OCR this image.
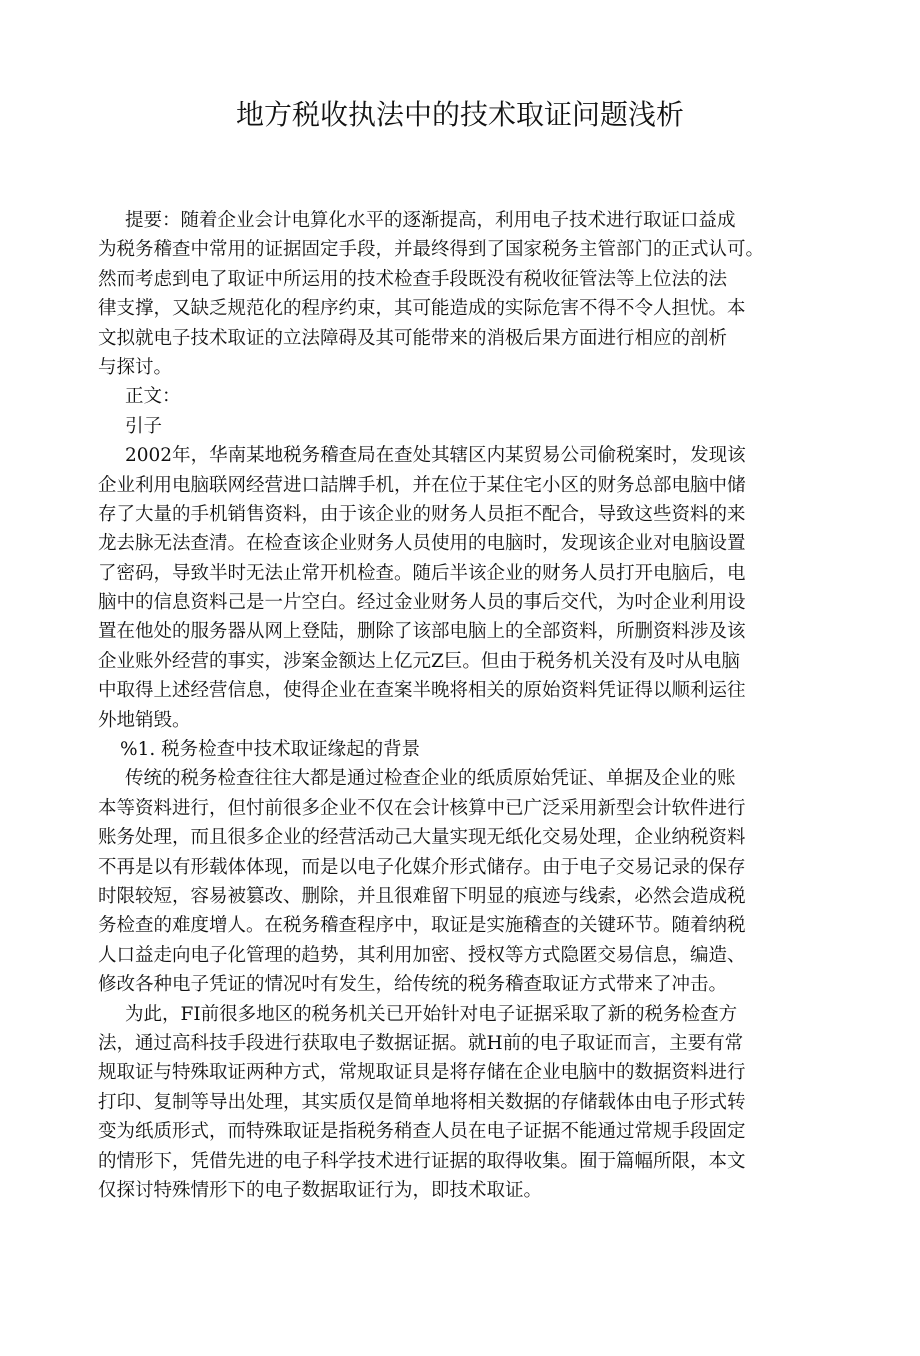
地方税收执法中的技术取证问题浅析
提要：随着企业会计电算化水平的逐渐提高，利用电子技术进行取证口益成
为税务稽查中常用的证据固定手段，并最终得到了国家税务主管部门的正式认可。
然而考虑到电了取证中所运用的技术检查手段既没有税收征管法等上位法的法
律支撑，又缺乏规范化的程序约束，其可能造成的实际危害不得不令人担忧。本
文拟就电子技术取证的立法障碍及其可能带来的消极后果方面进行相应的剖析
与探讨。
正文：
引子
2002年，华南某地税务稽查局在查处其辖区内某贸易公司偷税案时，发现该
企业利用电脑联网经营进口詰牌手机，并在位于某住宅小区的财务总部电脑中储
存了大量的手机销售资料，由于该企业的财务人员拒不配合，导致这些资料的来
龙去脉无法查清。在检查该企业财务人员使用的电脑时，发现该企业对电脑设置
了密码，导致半时无法止常开机检查。随后半该企业的财务人员打开电脑后，电
脑中的信息资料己是一片空白。经过金业财务人员的事后交代，为吋企业利用设
置在他处的服务器从网上登陆，删除了该部电脑上的全部资料，所删资料涉及该
企业账外经营的事实，涉案金额达上亿元Z巨。但由于税务机关没有及吋从电脑
中取得上述经营信息，使得企业在查案半晚将相关的原始资料凭证得以顺利运往
外地销毁。
%1. 税务检查中技术取证缘起的背景
传统的税务检查往往大都是通过检查企业的纸质原始凭证、单据及企业的账
本等资料进行，但忖前很多企业不仅在会计核算中已广泛采用新型会计软件进行
账务处理，而且很多企业的经营活动己大量实现无纸化交易处理，企业纳税资料
不再是以有形载体体现，而是以电子化媒介形式储存。由于电子交易记录的保存
时限较短，容易被篡改、删除，并且很难留下明显的痕迹与线索，必然会造成税
务检查的难度增人。在税务稽查程序中，取证是实施稽查的关键环节。随着纳税
人口益走向电子化管理的趋势，其利用加密、授权等方式隐匿交易信息，编造、
修改各种电子凭证的情况吋有发生，给传统的税务稽查取证方式带来了冲击。
为此，FI前很多地区的税务机关已开始针对电子证据采取了新的税务检查方
法，通过高科技手段进行获取电子数据证据。就H前的电子取证而言，主要有常
规取证与特殊取证两种方式，常规取证貝是将存储在企业电脑中的数据资料进行
打印、复制等导出处理，其实质仅是简单地将相关数据的存储载体由电子形式转
变为纸质形式，而特殊取证是指税务稍查人员在电子证据不能通过常规手段固定
的情形下，凭借先进的电子科学技术进行证据的取得收集。囿于篇幅所限，本文
仅探讨特殊情形下的电子数据取证行为，即技术取证。
